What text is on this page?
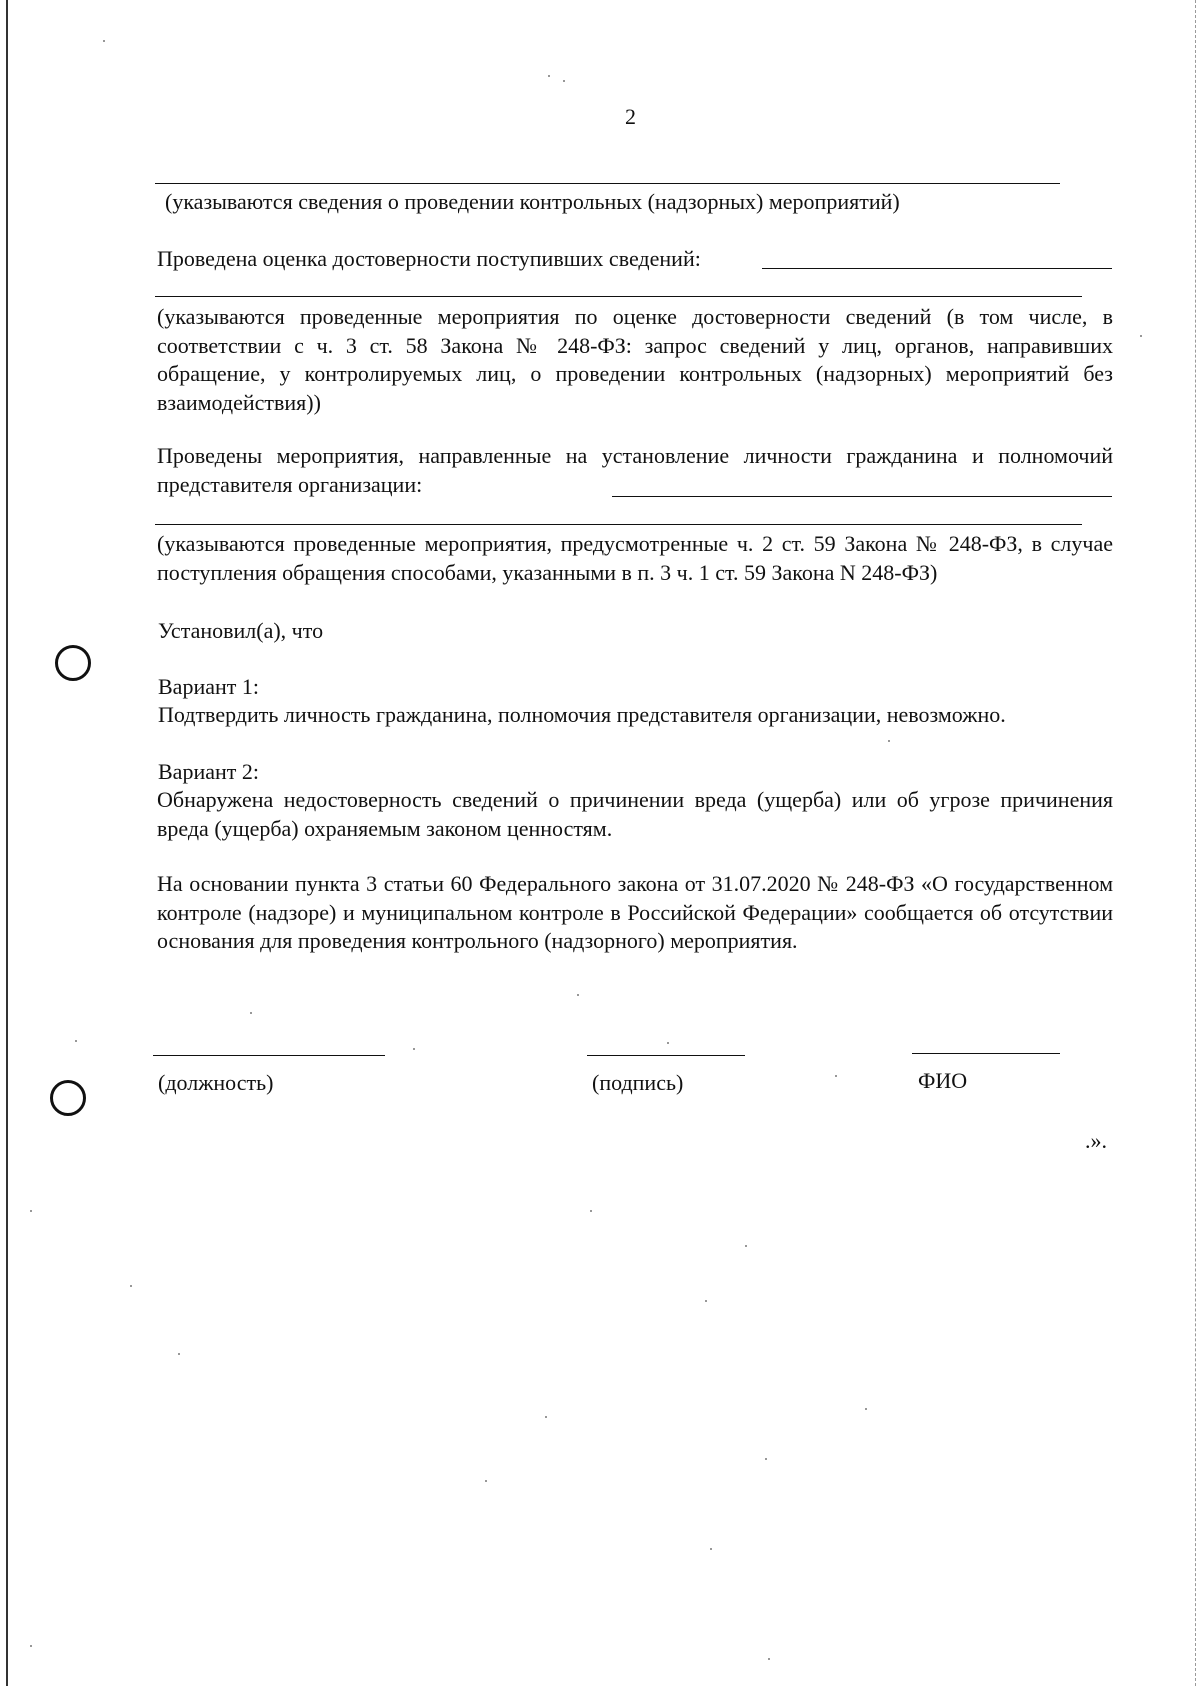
2
(указываются сведения о проведении контрольных (надзорных) мероприятий)
Проведена оценка достоверности поступивших сведений:
(указываются проведенные мероприятия по оценке достоверности сведений (в том числе, в соответствии с ч. 3 ст. 58 Закона № 248-ФЗ: запрос сведений у лиц, органов, направивших обращение, у контролируемых лиц, о проведении контрольных (надзорных) мероприятий без взаимодействия))
Проведены мероприятия, направленные на установление личности гражданина и полномочий представителя организации:
(указываются проведенные мероприятия, предусмотренные ч. 2 ст. 59 Закона № 248-ФЗ, в случае поступления обращения способами, указанными в п. 3 ч. 1 ст. 59 Закона N 248-ФЗ)
Установил(а), что
Вариант 1:
Подтвердить личность гражданина, полномочия представителя организации, невозможно.
Вариант 2:
Обнаружена недостоверность сведений о причинении вреда (ущерба) или об угрозе причинения вреда (ущерба) охраняемым законом ценностям.
На основании пункта 3 статьи 60 Федерального закона от 31.07.2020 № 248-ФЗ «О государственном контроле (надзоре) и муниципальном контроле в Российской Федерации» сообщается об отсутствии основания для проведения контрольного (надзорного) мероприятия.
(должность)	(подпись)	ФИО
.».
